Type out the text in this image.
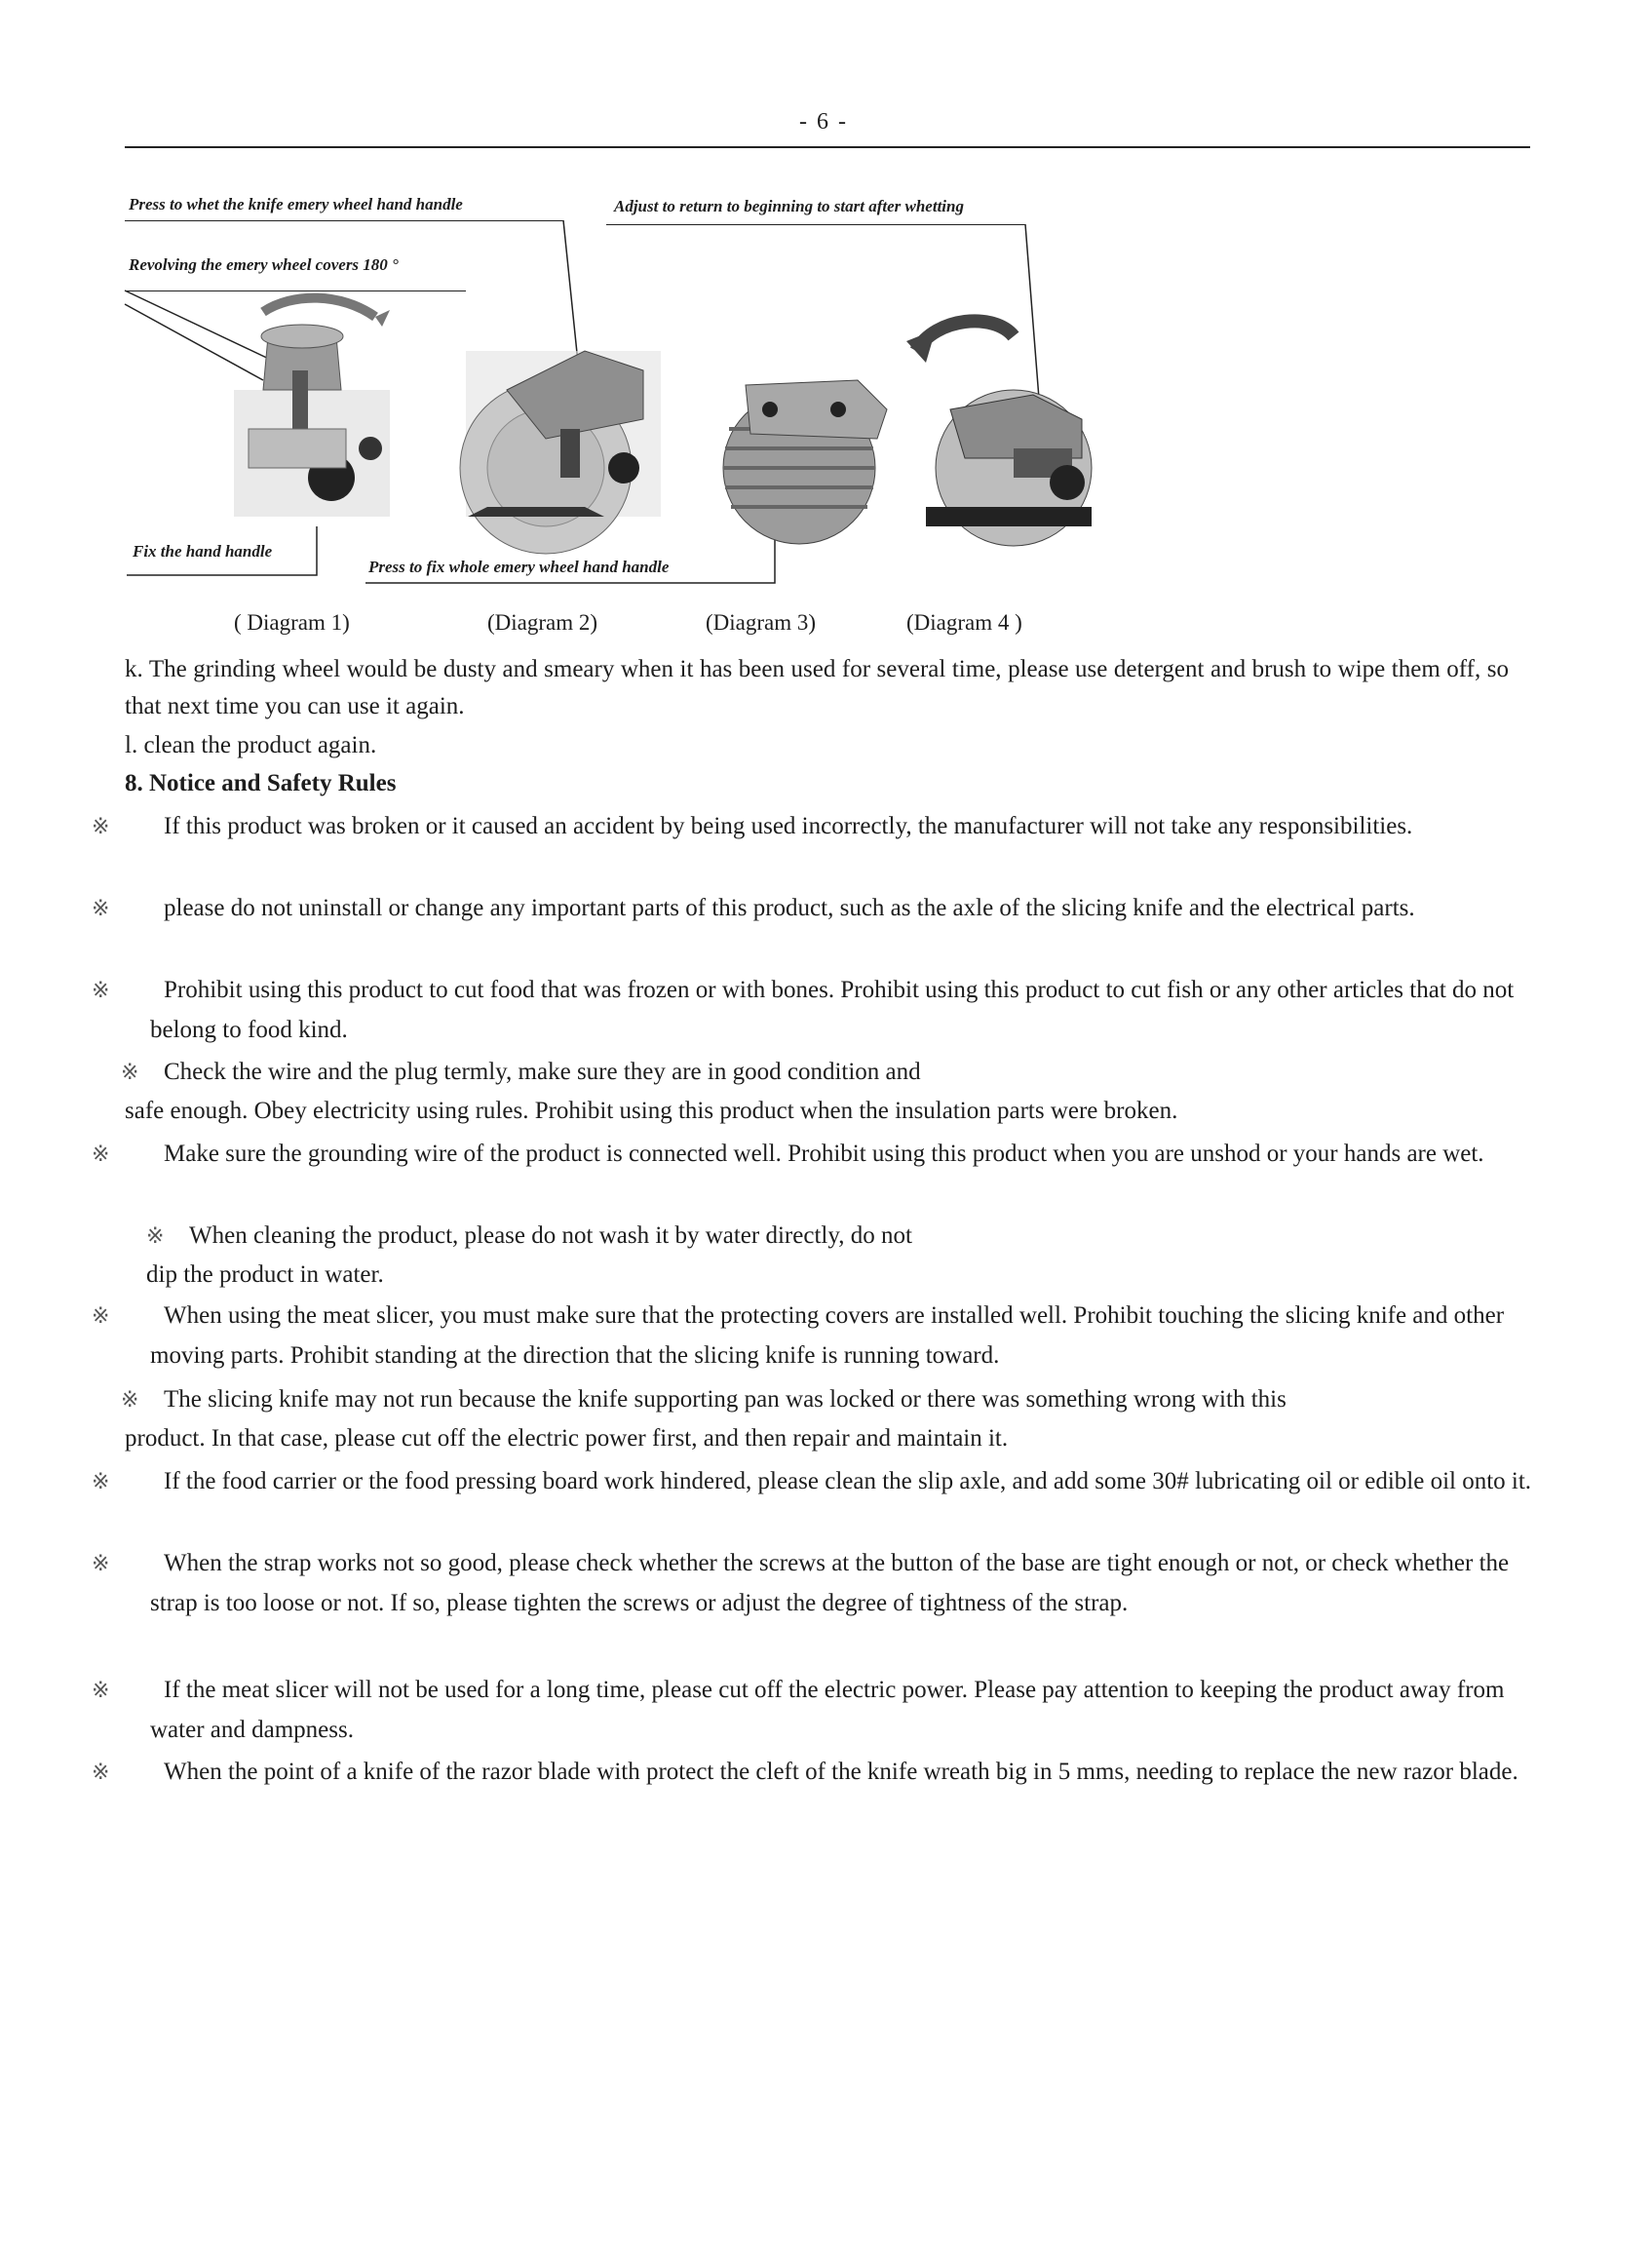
- 6 -
Press to whet the knife emery wheel hand handle	Adjust to return to beginning to start after whetting
Revolving the emery wheel covers 180 °
Fix the hand handle
Press to fix whole emery wheel hand handle
( Diagram 1)	(Diagram 2)	(Diagram 3)	(Diagram 4 )
k. The grinding wheel would be dusty and smeary when it has been used for several time, please use detergent and brush to wipe them off, so that next time you can use it again.
l. clean the product again.
8. Notice and Safety Rules
※ If this product was broken or it caused an accident by being used incorrectly, the manufacturer will not take any responsibilities.
※ please do not uninstall or change any important parts of this product, such as the axle of the slicing knife and the electrical parts.
※ Prohibit using this product to cut food that was frozen or with bones. Prohibit using this product to cut fish or any other articles that do not belong to food kind.
※ Check the wire and the plug termly, make sure they are in good condition and
safe enough. Obey electricity using rules. Prohibit using this product when the insulation parts were broken.
※ Make sure the grounding wire of the product is connected well. Prohibit using this product when you are unshod or your hands are wet.
※ When cleaning the product, please do not wash it by water directly, do not
dip the product in water.
※ When using the meat slicer, you must make sure that the protecting covers are installed well. Prohibit touching the slicing knife and other moving parts. Prohibit standing at the direction that the slicing knife is running toward.
※ The slicing knife may not run because the knife supporting pan was locked or there was something wrong with this
product. In that case, please cut off the electric power first, and then repair and maintain it.
※ If the food carrier or the food pressing board work hindered, please clean the slip axle, and add some 30# lubricating oil or edible oil onto it.
※ When the strap works not so good, please check whether the screws at the button of the base are tight enough or not, or check whether the strap is too loose or not. If so, please tighten the screws or adjust the degree of tightness of the strap.
※ If the meat slicer will not be used for a long time, please cut off the electric power. Please pay attention to keeping the product away from water and dampness.
※ When the point of a knife of the razor blade with protect the cleft of the knife wreath big in 5 mms, needing to replace the new razor blade.
